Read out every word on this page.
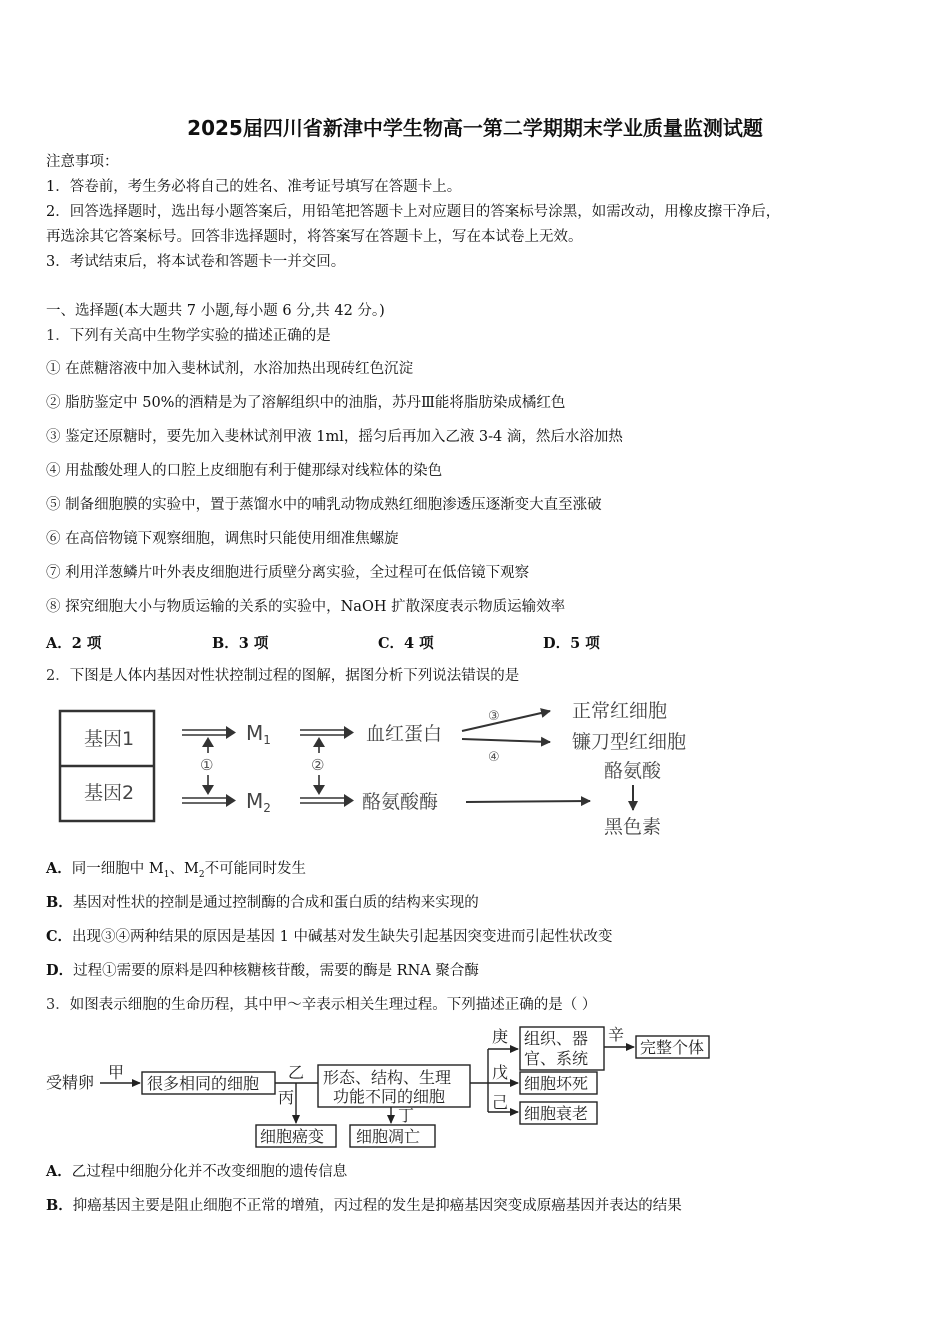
2025届四川省新津中学生物高一第二学期期末学业质量监测试题
注意事项：
1．答卷前，考生务必将自己的姓名、准考证号填写在答题卡上。
2．回答选择题时，选出每小题答案后，用铅笔把答题卡上对应题目的答案标号涂黑，如需改动，用橡皮擦干净后，
再选涂其它答案标号。回答非选择题时，将答案写在答题卡上，写在本试卷上无效。
3．考试结束后，将本试卷和答题卡一并交回。
一、选择题(本大题共 7 小题,每小题 6 分,共 42 分。)
1．下列有关高中生物学实验的描述正确的是
① 在蔗糖溶液中加入斐林试剂，水浴加热出现砖红色沉淀
② 脂肪鉴定中 50%的酒精是为了溶解组织中的油脂，苏丹Ⅲ能将脂肪染成橘红色
③ 鉴定还原糖时，要先加入斐林试剂甲液 1ml，摇匀后再加入乙液 3-4 滴，然后水浴加热
④ 用盐酸处理人的口腔上皮细胞有利于健那绿对线粒体的染色
⑤ 制备细胞膜的实验中，置于蒸馏水中的哺乳动物成熟红细胞渗透压逐渐变大直至涨破
⑥ 在高倍物镜下观察细胞，调焦时只能使用细准焦螺旋
⑦ 利用洋葱鳞片叶外表皮细胞进行质壁分离实验，全过程可在低倍镜下观察
⑧ 探究细胞大小与物质运输的关系的实验中，NaOH 扩散深度表示物质运输效率
A．2 项	B．3 项	C．4 项	D．5 项
2．下图是人体内基因对性状控制过程的图解，据图分析下列说法错误的是
基因1
基因2
$M_1$
$M_2$
①	②
血红蛋白
酪氨酸酶
③
④
正常红细胞
镰刀型红细胞
酪氨酸
黑色素
A．同一细胞中 $M_1$、$M_2$不可能同时发生
B．基因对性状的控制是通过控制酶的合成和蛋白质的结构来实现的
C．出现③④两种结果的原因是基因 1 中碱基对发生缺失引起基因突变进而引起性状改变
D．过程①需要的原料是四种核糖核苷酸，需要的酶是 RNA 聚合酶
3．如图表示细胞的生命历程，其中甲～辛表示相关生理过程。下列描述正确的是（ ）
受精卵
甲
很多相同的细胞
乙
丙
细胞癌变
形态、结构、生理
功能不同的细胞
丁
细胞凋亡
庚
戊
己
组织、器
官、系统
辛
完整个体
细胞坏死
细胞衰老
A．乙过程中细胞分化并不改变细胞的遗传信息
B．抑癌基因主要是阻止细胞不正常的增殖，丙过程的发生是抑癌基因突变成原癌基因并表达的结果
